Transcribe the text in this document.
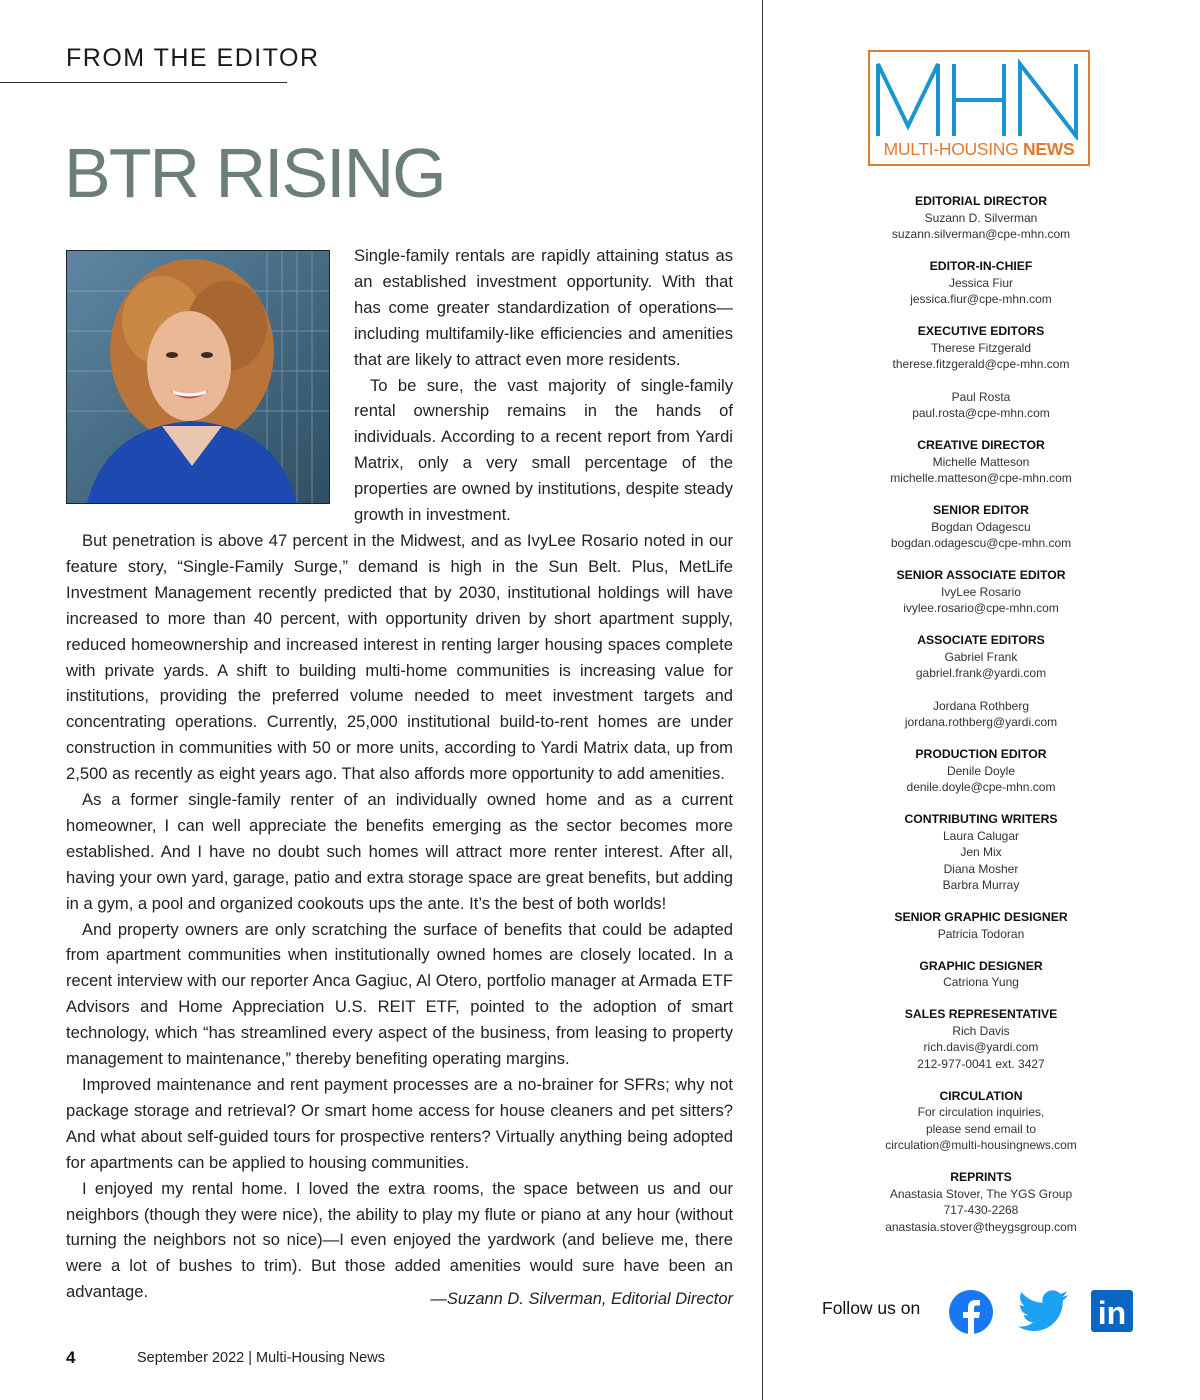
FROM THE EDITOR
BTR RISING

Single-family rentals are rapidly attaining status as an established investment opportunity. With that has come greater standardization of operations—including multifamily-like efficiencies and amenities that are likely to attract even more residents.

To be sure, the vast majority of single-family rental ownership remains in the hands of individuals. According to a recent report from Yardi Matrix, only a very small percentage of the properties are owned by institutions, despite steady growth in investment.

But penetration is above 47 percent in the Midwest, and as IvyLee Rosario noted in our feature story, “Single-Family Surge,” demand is high in the Sun Belt. Plus, MetLife Investment Management recently predicted that by 2030, institutional holdings will have increased to more than 40 percent, with opportunity driven by short apartment supply, reduced homeownership and increased interest in renting larger housing spaces complete with private yards. A shift to building multi-home communities is increasing value for institutions, providing the preferred volume needed to meet investment targets and concentrating operations. Currently, 25,000 institutional build-to-rent homes are under construction in communities with 50 or more units, according to Yardi Matrix data, up from 2,500 as recently as eight years ago. That also affords more opportunity to add amenities.

As a former single-family renter of an individually owned home and as a current homeowner, I can well appreciate the benefits emerging as the sector becomes more established. And I have no doubt such homes will attract more renter interest. After all, having your own yard, garage, patio and extra storage space are great benefits, but adding in a gym, a pool and organized cookouts ups the ante. It’s the best of both worlds!

And property owners are only scratching the surface of benefits that could be adapted from apartment communities when institutionally owned homes are closely located. In a recent interview with our reporter Anca Gagiuc, Al Otero, portfolio manager at Armada ETF Advisors and Home Appreciation U.S. REIT ETF, pointed to the adoption of smart technology, which “has streamlined every aspect of the business, from leasing to property management to maintenance,” thereby benefiting operating margins.

Improved maintenance and rent payment processes are a no-brainer for SFRs; why not package storage and retrieval? Or smart home access for house cleaners and pet sitters? And what about self-guided tours for prospective renters? Virtually anything being adopted for apartments can be applied to housing communities.

I enjoyed my rental home. I loved the extra rooms, the space between us and our neighbors (though they were nice), the ability to play my flute or piano at any hour (without turning the neighbors not so nice)—I even enjoyed the yardwork (and believe me, there were a lot of bushes to trim). But those added amenities would sure have been an advantage.	—Suzann D. Silverman, Editorial Director
4	September 2022 | Multi-Housing News
MHN
MULTI-HOUSING NEWS
EDITORIAL DIRECTOR
Suzann D. Silverman
suzann.silverman@cpe-mhn.com
EDITOR-IN-CHIEF
Jessica Fiur
jessica.fiur@cpe-mhn.com
EXECUTIVE EDITORS
Therese Fitzgerald
therese.fitzgerald@cpe-mhn.com
Paul Rosta
paul.rosta@cpe-mhn.com
CREATIVE DIRECTOR
Michelle Matteson
michelle.matteson@cpe-mhn.com
SENIOR EDITOR
Bogdan Odagescu
bogdan.odagescu@cpe-mhn.com
SENIOR ASSOCIATE EDITOR
IvyLee Rosario
ivylee.rosario@cpe-mhn.com
ASSOCIATE EDITORS
Gabriel Frank
gabriel.frank@yardi.com
Jordana Rothberg
jordana.rothberg@yardi.com
PRODUCTION EDITOR
Denile Doyle
denile.doyle@cpe-mhn.com
CONTRIBUTING WRITERS
Laura Calugar
Jen Mix
Diana Mosher
Barbra Murray
SENIOR GRAPHIC DESIGNER
Patricia Todoran
GRAPHIC DESIGNER
Catriona Yung
SALES REPRESENTATIVE
Rich Davis
rich.davis@yardi.com
212-977-0041 ext. 3427
CIRCULATION
For circulation inquiries,
please send email to
circulation@multi-housingnews.com
REPRINTS
Anastasia Stover, The YGS Group
717-430-2268
anastasia.stover@theygsgroup.com
Follow us on	in
